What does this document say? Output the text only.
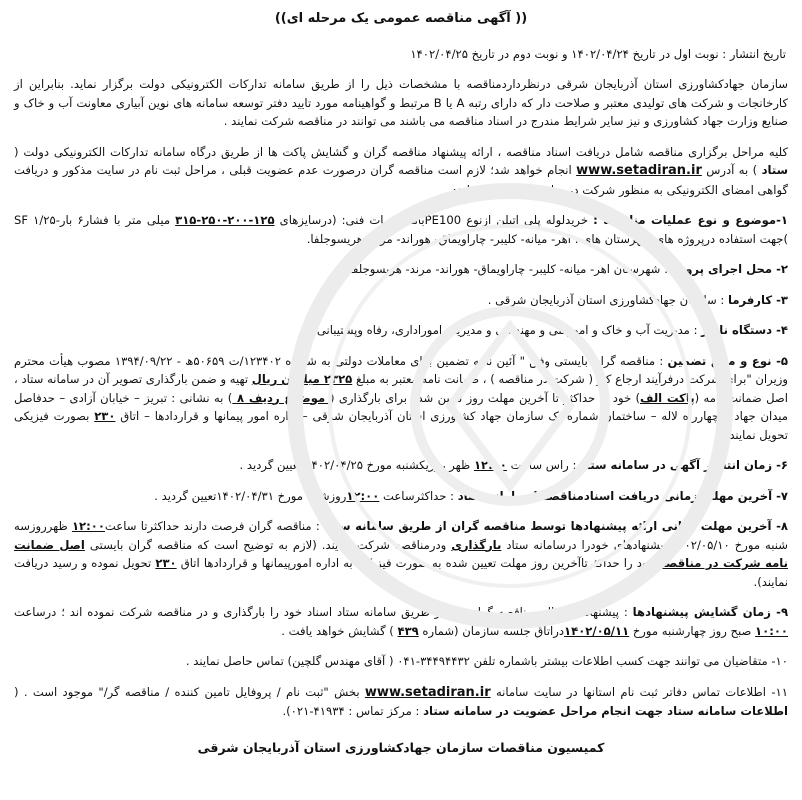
(( آگهی مناقصه عمومی یک مرحله ای))
تاریخ انتشار : نوبت اول در تاریخ ۱۴۰۲/۰۴/۲۴ و نوبت دوم در تاریخ ۱۴۰۲/۰۴/۲۵

سازمان جهادکشاورزی استان آذربایجان شرقی درنظرداردمناقصه با مشخصات ذیل را از طریق سامانه تدارکات الکترونیکی دولت برگزار نماید. بنابراین از کارخانجات و شرکت های تولیدی معتبر و صلاحت دار که دارای رتبه A یا B مرتبط و گواهینامه مورد تایید دفتر توسعه سامانه های نوین آبیاری معاونت آب و خاک و صنایع وزارت جهاد کشاورزی و نیز سایر شرایط مندرج در اسناد مناقصه می باشند می توانند در مناقصه شرکت نمایند .

کلیه مراحل برگزاری مناقصه شامل دریافت اسناد مناقصه ، ارائه پیشنهاد مناقصه گران و گشایش پاکت ها از طریق درگاه سامانه تدارکات الکترونیکی دولت ( ستاد ) به آدرس www.setadiran.ir انجام خواهد شد؛ لازم است مناقصه گران درصورت عدم عضویت قبلی ، مراحل ثبت نام در سایت مذکور و دریافت گواهی امضای الکترونیکی به منظور شرکت در مناقصه را محقق سازند .

۱-موضوع و نوع عملیات مناقصه : خریدلوله پلی اتیلن ازنوع PE100بامشخصات فنی: (درسایزهای ۱۲۵-۲۰۰-۲۵۰-۳۱۵ میلی متر با فشار۶ بار-SF ۱/۲۵ )جهت استفاده درپروژه های شهرستان های : اهر- میانه- کلیبر- چاراویماق- هوراند- مرند- هریسوجلفا.
۲- محل اجرای پروژه : شهرستان اهر- میانه- کلیبر- چاراویماق- هوراند- مرند- هریسوجلفا.
۳- کارفرما : سازمان جهادکشاورزی استان آذربایجان شرقی .
۴- دستگاه ناظر : مدیریت آب و خاک و امورفنی و مهندسی و مدیریت اموراداری، رفاه وپشتیبانی .
۵- نوع و مبلغ تضمین : مناقصه گران بایستی وفق " آئین نامه تضمین برای معاملات دولتی به شماره ۱۲۳۴۰۲/ت ۵۰۶۵۹ھ - ۱۳۹۴/۰۹/۲۲ مصوب هیأت محترم وزیران "برای شرکت درفرآیند ارجاع کار ( شرکت در مناقصه ) ، ضمانت نامه معتبر به مبلغ ۲۳۲۵ میلیون ریال تهیه و ضمن بارگذاری تصویر آن در سامانه ستاد ، اصل ضمانت نامه (پاکت الف) خود را حداکثر تا آخرین مهلت روز تعیین شده برای بارگذاری ( موضوع ردیف ۸ ) به نشانی : تبریز – خیابان آزادی – حدفاصل میدان جهاد و چهارراه لاله – ساختمان شماره یک سازمان جهاد کشاورزی استان آذربایجان شرقی – اداره امور پیمانها و قراردادها – اتاق ۲۳۰ بصورت فیزیکی تحویل نمایند .
۶- زمان انتشار آگهی در سامانه ستاد : راس ساعت ۱۲:۰۰ ظهر روزیکشنبه مورخ ۱۴۰۲/۰۴/۲۵ تعیین گردید .
۷- آخرین مهلت زمانی دریافت اسنادمناقصه ازسامانه ستاد : حداکثرساعت ۱۲:۰۰روزشنبه مورخ ۱۴۰۲/۰۴/۳۱تعیین گردید .
۸- آخرین مهلت زمانی ارائه پیشنهادها توسط مناقصه گران از طریق سامانه ستاد : مناقصه گران فرصت دارند حداکثرتا ساعت۱۲:۰۰ ظهرروزسه شنبه مورخ ۱۴۰۲/۰۵/۱۰ پیشنهادهای خودرا درسامانه ستاد بارگذاری ودرمناقصه شرکت نمایند. (لازم به توضیح است که مناقصه گران بایستی اصل ضمانت نامه شرکت در مناقصه خود را حداکثرتاآخرین روز مهلت تعیین شده به صورت فیزیکی به اداره امورپیمانها و قراردادها اتاق ۲۳۰ تحویل نموده و رسید دریافت نمایند).
۹- زمان گشایش پیشنهادها : پیشنهادهای مالی مناقصه گرانی که از طریق سامانه ستاد اسناد خود را بارگذاری و در مناقصه شرکت نموده اند ؛ درساعت ۱۰:۰۰ صبح روز چهارشنبه مورخ ۱۴۰۲/۰۵/۱۱دراتاق جلسه سازمان (شماره ۴۳۹ ) گشایش خواهد یافت .
۱۰- متقاضیان می توانند جهت کسب اطلاعات بیشتر باشماره تلفن ۳۴۴۹۴۴۳۲-۰۴۱ ( آقای مهندس گلچین) تماس حاصل نمایند .
۱۱- اطلاعات تماس دفاتر ثبت نام استانها در سایت سامانه www.setadiran.ir بخش "ثبت نام / پروفایل تامین کننده / مناقصه گر/" موجود است . ( اطلاعات سامانه ستاد جهت انجام مراحل عضویت در سامانه ستاد : مرکز تماس : ۴۱۹۳۴-۰۲۱).
کمیسیون مناقصات سازمان جهادکشاورزی استان آذربایجان شرقی
